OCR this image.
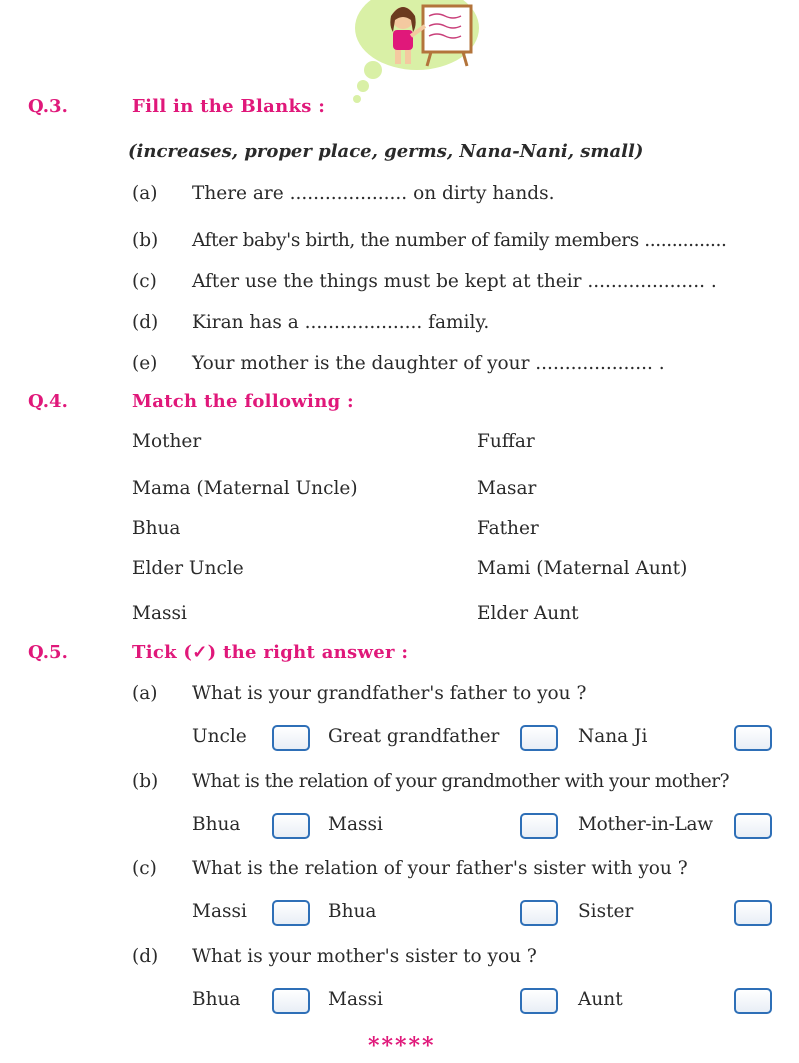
Q.3.	Fill in the Blanks :
(increases, proper place, germs, Nana-Nani, small)
(a) There are .................... on dirty hands.
(b) After baby's birth, the number of family members ...............
(c) After use the things must be kept at their .................... .
(d) Kiran has a .................... family.
(e) Your mother is the daughter of your .................... .
Q.4.	Match the following :
Mother	Fuffar
Mama (Maternal Uncle)	Masar
Bhua	Father
Elder Uncle	Mami (Maternal Aunt)
Massi	Elder Aunt
Q.5.	Tick (✓) the right answer :
(a) What is your grandfather's father to you ?
Uncle	Great grandfather	Nana Ji
(b) What is the relation of your grandmother with your mother?
Bhua	Massi	Mother-in-Law
(c) What is the relation of your father's sister with you ?
Massi	Bhua	Sister
(d) What is your mother's sister to you ?
Bhua	Massi	Aunt
*****
